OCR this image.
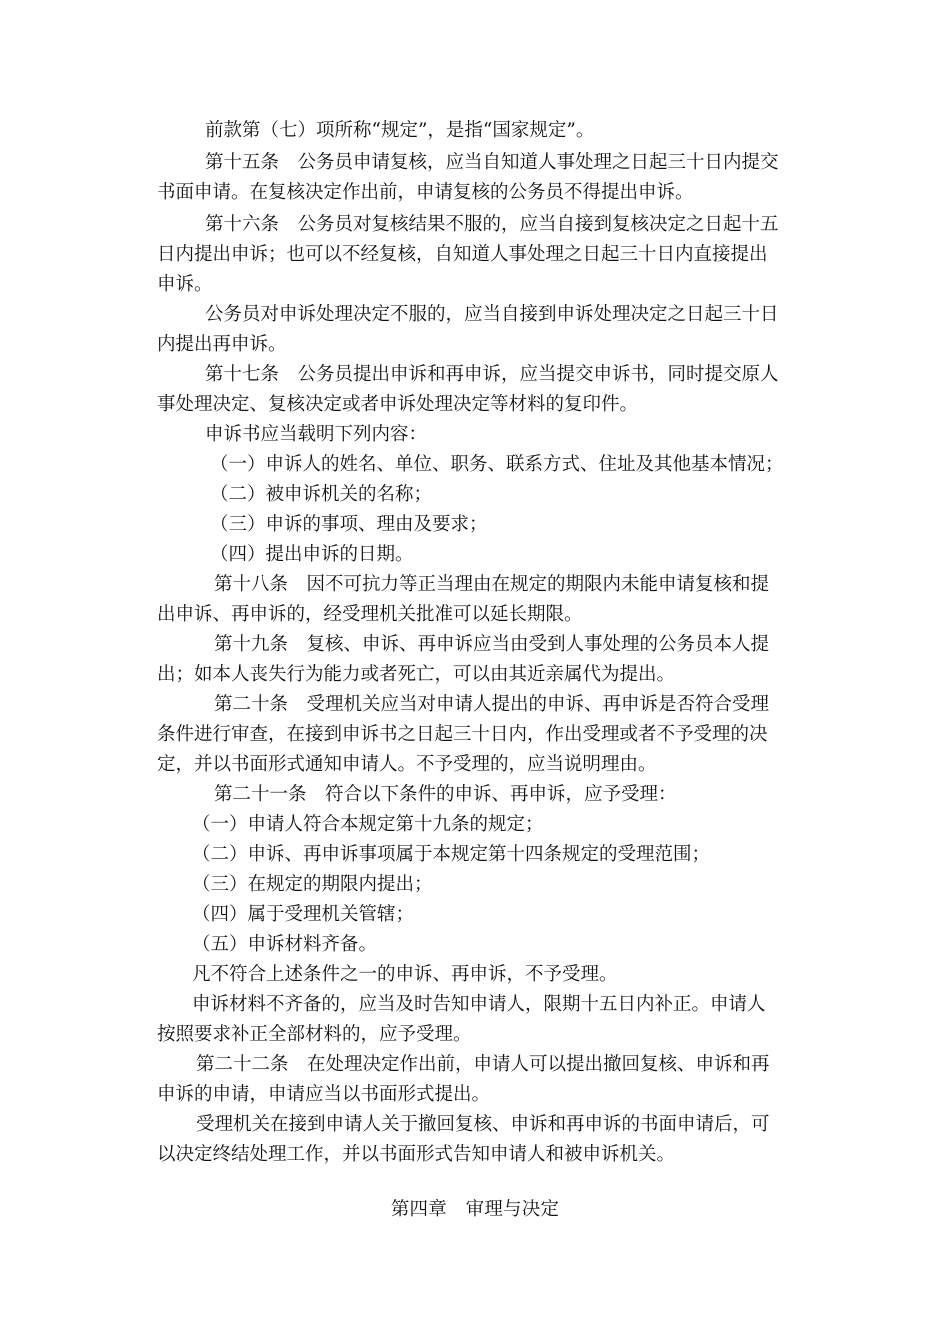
前款第（七）项所称“规定”，是指“国家规定”。
第十五条　公务员申请复核，应当自知道人事处理之日起三十日内提交
书面申请。在复核决定作出前，申请复核的公务员不得提出申诉。
第十六条　公务员对复核结果不服的，应当自接到复核决定之日起十五
日内提出申诉；也可以不经复核，自知道人事处理之日起三十日内直接提出
申诉。
公务员对申诉处理决定不服的，应当自接到申诉处理决定之日起三十日
内提出再申诉。
第十七条　公务员提出申诉和再申诉，应当提交申诉书，同时提交原人
事处理决定、复核决定或者申诉处理决定等材料的复印件。
申诉书应当载明下列内容：
（一）申诉人的姓名、单位、职务、联系方式、住址及其他基本情况；
（二）被申诉机关的名称；
（三）申诉的事项、理由及要求；
（四）提出申诉的日期。
第十八条　因不可抗力等正当理由在规定的期限内未能申请复核和提
出申诉、再申诉的，经受理机关批准可以延长期限。
第十九条　复核、申诉、再申诉应当由受到人事处理的公务员本人提
出；如本人丧失行为能力或者死亡，可以由其近亲属代为提出。
第二十条　受理机关应当对申请人提出的申诉、再申诉是否符合受理
条件进行审查，在接到申诉书之日起三十日内，作出受理或者不予受理的决
定，并以书面形式通知申请人。不予受理的，应当说明理由。
第二十一条　符合以下条件的申诉、再申诉，应予受理：
（一）申请人符合本规定第十九条的规定；
（二）申诉、再申诉事项属于本规定第十四条规定的受理范围；
（三）在规定的期限内提出；
（四）属于受理机关管辖；
（五）申诉材料齐备。
凡不符合上述条件之一的申诉、再申诉，不予受理。
申诉材料不齐备的，应当及时告知申请人，限期十五日内补正。申请人
按照要求补正全部材料的，应予受理。
第二十二条　在处理决定作出前，申请人可以提出撤回复核、申诉和再
申诉的申请，申请应当以书面形式提出。
受理机关在接到申请人关于撤回复核、申诉和再申诉的书面申请后，可
以决定终结处理工作，并以书面形式告知申请人和被申诉机关。
第四章　审理与决定
